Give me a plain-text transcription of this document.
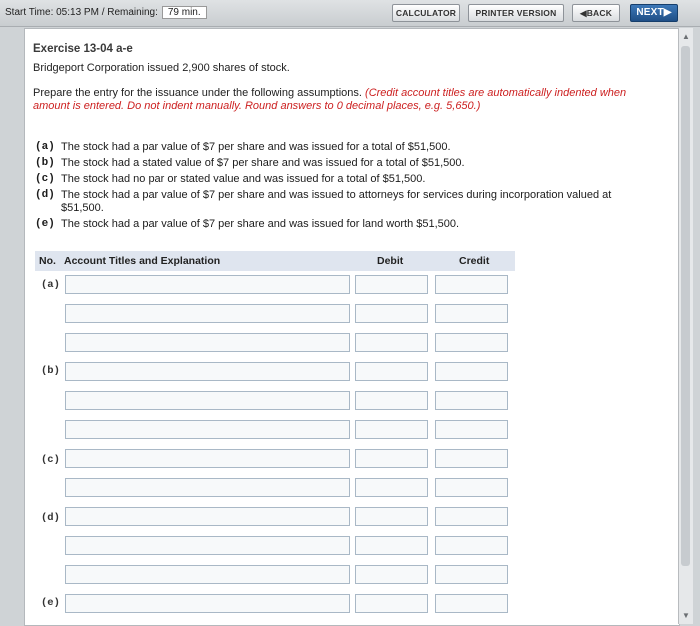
Start Time: 05:13 PM / Remaining: 79 min.	CALCULATOR	PRINTER VERSION	◀BACK	NEXT▶
Exercise 13-04 a-e
Bridgeport Corporation issued 2,900 shares of stock.
Prepare the entry for the issuance under the following assumptions. (Credit account titles are automatically indented when amount is entered. Do not indent manually. Round answers to 0 decimal places, e.g. 5,650.)
(a) The stock had a par value of $7 per share and was issued for a total of $51,500.
(b) The stock had a stated value of $7 per share and was issued for a total of $51,500.
(c) The stock had no par or stated value and was issued for a total of $51,500.
(d) The stock had a par value of $7 per share and was issued to attorneys for services during incorporation valued at $51,500.
(e) The stock had a par value of $7 per share and was issued for land worth $51,500.
No. Account Titles and Explanation	Debit	Credit
(a)
(b)
(c)
(d)
(e)
▲
▼
